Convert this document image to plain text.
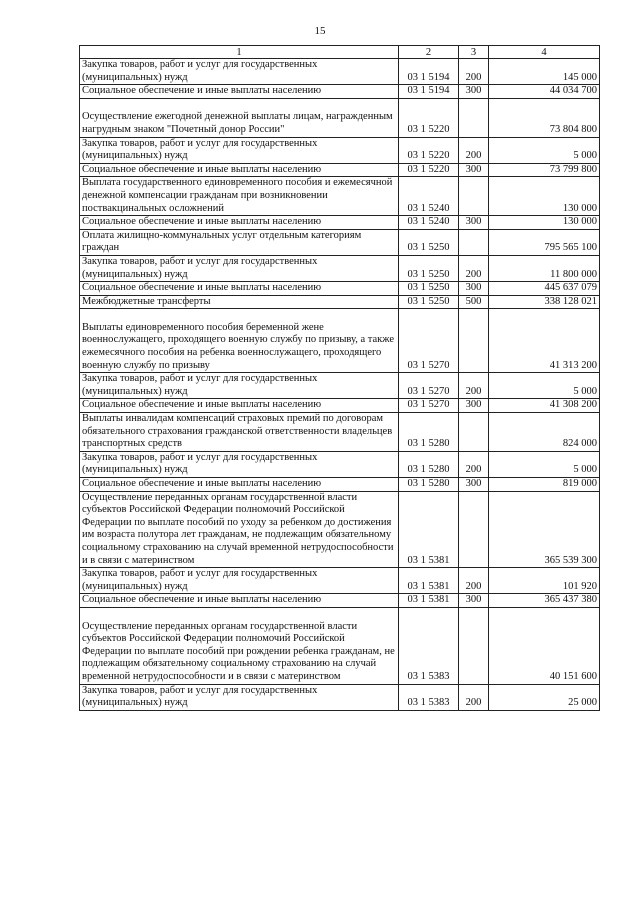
15
1	2	3	4
Закупка товаров, работ и услуг для государственных (муниципальных) нужд	03 1 5194	200	145 000
Социальное обеспечение и иные выплаты населению	03 1 5194	300	44 034 700

Осуществление ежегодной денежной выплаты лицам, награжденным нагрудным знаком "Почетный донор России"	03 1 5220		73 804 800
Закупка товаров, работ и услуг для государственных (муниципальных) нужд	03 1 5220	200	5 000
Социальное обеспечение и иные выплаты населению	03 1 5220	300	73 799 800
Выплата государственного единовременного пособия и ежемесячной денежной компенсации гражданам при возникновении поствакцинальных осложнений	03 1 5240		130 000
Социальное обеспечение и иные выплаты населению	03 1 5240	300	130 000
Оплата жилищно-коммунальных услуг отдельным категориям граждан	03 1 5250		795 565 100
Закупка товаров, работ и услуг для государственных (муниципальных) нужд	03 1 5250	200	11 800 000
Социальное обеспечение и иные выплаты населению	03 1 5250	300	445 637 079
Межбюджетные трансферты	03 1 5250	500	338 128 021

Выплаты единовременного пособия беременной жене военнослужащего, проходящего военную службу по призыву, а также ежемесячного пособия на ребенка военнослужащего, проходящего военную службу по призыву	03 1 5270		41 313 200
Закупка товаров, работ и услуг для государственных (муниципальных) нужд	03 1 5270	200	5 000
Социальное обеспечение и иные выплаты населению	03 1 5270	300	41 308 200
Выплаты инвалидам компенсаций страховых премий по договорам обязательного страхования гражданской ответственности владельцев транспортных средств	03 1 5280		824 000
Закупка товаров, работ и услуг для государственных (муниципальных) нужд	03 1 5280	200	5 000
Социальное обеспечение и иные выплаты населению	03 1 5280	300	819 000
Осуществление переданных органам государственной власти субъектов Российской Федерации полномочий Российской Федерации по выплате пособий по уходу за ребенком до достижения им возраста полутора лет гражданам, не подлежащим обязательному социальному страхованию на случай временной нетрудоспособности и в связи с материнством	03 1 5381		365 539 300
Закупка товаров, работ и услуг для государственных (муниципальных) нужд	03 1 5381	200	101 920
Социальное обеспечение и иные выплаты населению	03 1 5381	300	365 437 380

Осуществление переданных органам государственной власти субъектов Российской Федерации полномочий Российской Федерации по выплате пособий при рождении ребенка гражданам, не подлежащим обязательному социальному страхованию на случай временной нетрудоспособности и в связи с материнством	03 1 5383		40 151 600
Закупка товаров, работ и услуг для государственных (муниципальных) нужд	03 1 5383	200	25 000
